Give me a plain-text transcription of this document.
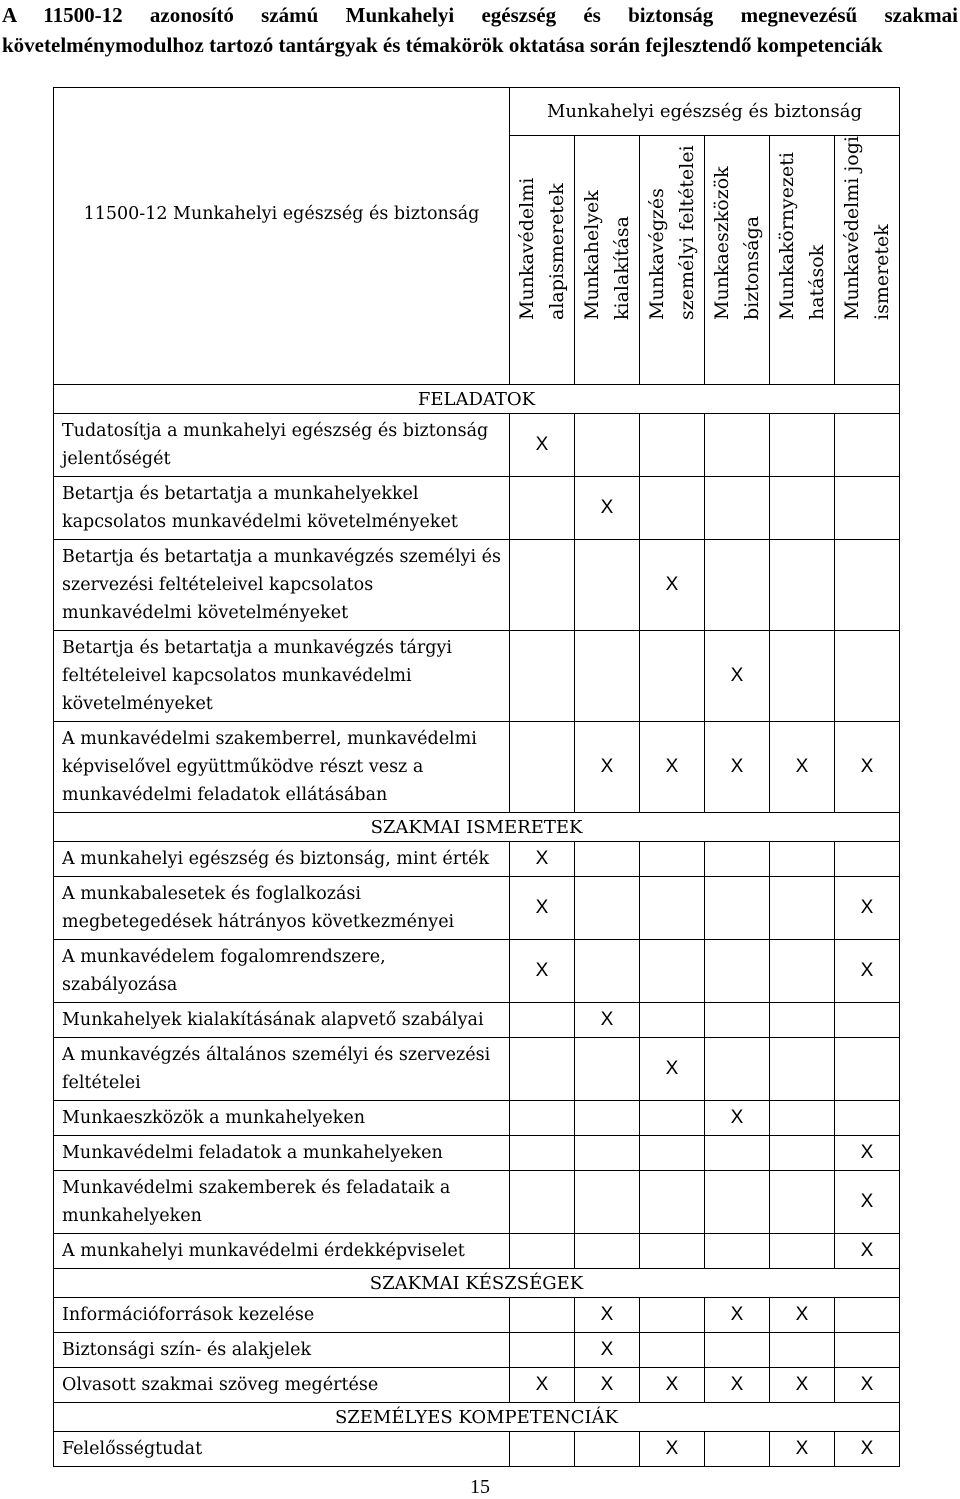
A 11500-12 azonosító számú Munkahelyi egészség és biztonság megnevezésű szakmai követelménymodulhoz tartozó tantárgyak és témakörök oktatása során fejlesztendő kompetenciák

	Munkahelyi egészség és biztonság					
11500-12 Munkahelyi egészség és biztonság	Munkavédelmi alapismeretek	Munkahelyek kialakítása	Munkavégzés személyi feltételei	Munkaeszközök biztonsága	Munkakörnyezeti hatások	Munkavédelmi jogi ismeretek

FELADATOK						
Tudatosítja a munkahelyi egészség és biztonság jelentőségét	X					
Betartja és betartatja a munkahelyekkel kapcsolatos munkavédelmi követelményeket		X				
Betartja és betartatja a munkavégzés személyi és szervezési feltételeivel kapcsolatos munkavédelmi követelményeket			X			
Betartja és betartatja a munkavégzés tárgyi feltételeivel kapcsolatos munkavédelmi követelményeket				X		
A munkavédelmi szakemberrel, munkavédelmi képviselővel együttműködve részt vesz a munkavédelmi feladatok ellátásában		X	X	X	X	X
SZAKMAI ISMERETEK						
A munkahelyi egészség és biztonság, mint érték	X					
A munkabalesetek és foglalkozási megbetegedések hátrányos következményei	X					X
A munkavédelem fogalomrendszere, szabályozása	X					X
Munkahelyek kialakításának alapvető szabályai		X				
A munkavégzés általános személyi és szervezési feltételei			X			
Munkaeszközök a munkahelyeken				X		
Munkavédelmi feladatok a munkahelyeken						X
Munkavédelmi szakemberek és feladataik a munkahelyeken						X
A munkahelyi munkavédelmi érdekképviselet						X
SZAKMAI KÉSZSÉGEK						
Információforrások kezelése		X		X	X	
Biztonsági szín- és alakjelek		X				
Olvasott szakmai szöveg megértése	X	X	X	X	X	X
SZEMÉLYES KOMPETENCIÁK						
Felelősségtudat			X		X	X
15
